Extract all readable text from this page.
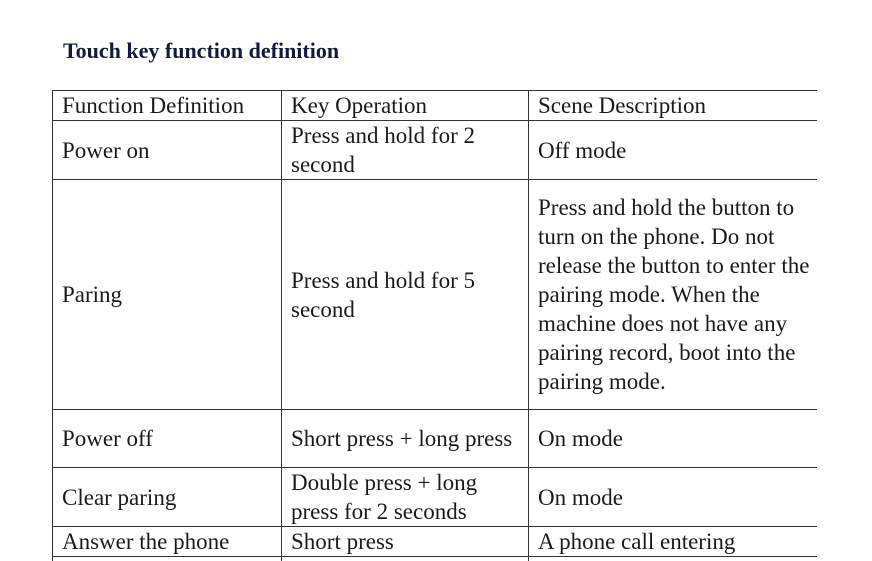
Touch key function definition
Function Definition	Key Operation	Scene Description
Power on	Press and hold for 2 second	Off mode
Paring	Press and hold for 5 second	Press and hold the button to turn on the phone. Do not release the button to enter the pairing mode. When the machine does not have any pairing record, boot into the pairing mode.
Power off	Short press + long press	On mode
Clear paring	Double press + long press for 2 seconds	On mode
Answer the phone	Short press	A phone call entering
